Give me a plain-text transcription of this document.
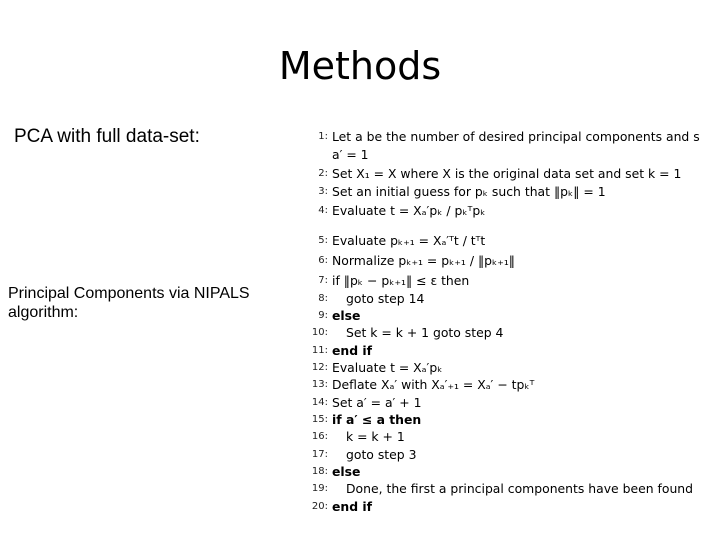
Methods
PCA with full data-set:
Principal Components via NIPALS algorithm:
1: Let a be the number of desired principal components and s
a′ = 1
2: Set X₁ = X where X is the original data set and set k = 1
3: Set an initial guess for pₖ such that ‖pₖ‖ = 1
4: Evaluate t = Xₐ′pₖ / pₖᵀpₖ
5: Evaluate pₖ₊₁ = Xₐ′ᵀt / tᵀt
6: Normalize pₖ₊₁ = pₖ₊₁ / ‖pₖ₊₁‖
7: if ‖pₖ − pₖ₊₁‖ ≤ ε then
8: goto step 14
9: else
10: Set k = k + 1 goto step 4
11: end if
12: Evaluate t = Xₐ′pₖ
13: Deflate Xₐ′ with Xₐ′₊₁ = Xₐ′ − tpₖᵀ
14: Set a′ = a′ + 1
15: if a′ ≤ a then
16: k = k + 1
17: goto step 3
18: else
19: Done, the first a principal components have been found
20: end if
